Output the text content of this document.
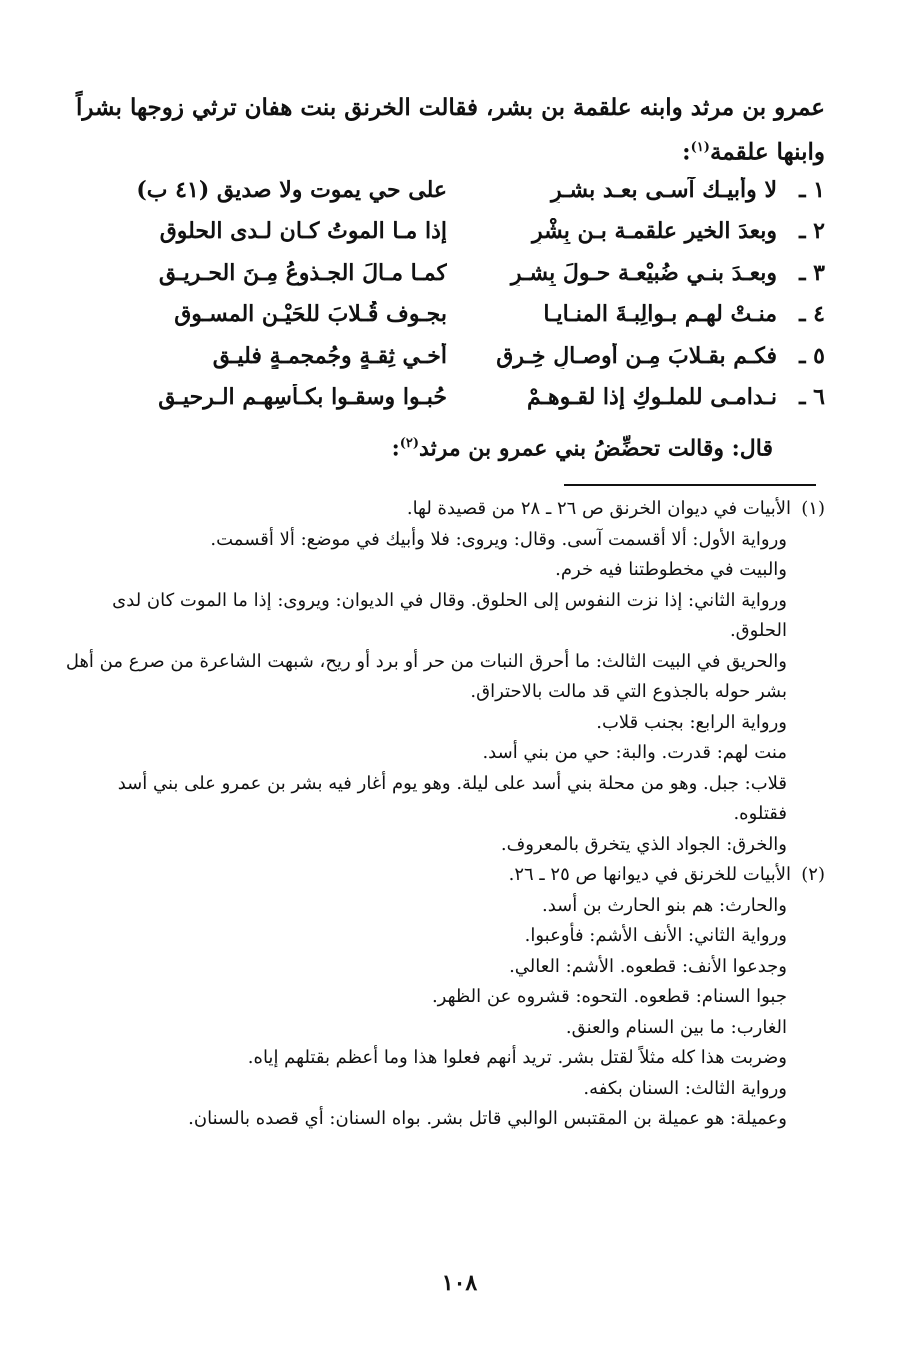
عمرو بن مرثد وابنه علقمة بن بشر، فقالت الخرنق بنت هفان ترثي زوجها بشراً وابنها علقمة$^{(١)}$:

١ ـ
لا وأبيـك آسـى بعـد بشـرٍ
على حي يموت ولا صديقِ (٤١ ب)
٢ ـ
وبعدَ الخير علقمـة بـن بِشْرٍ
إذا مـا الموتُ كـان لـدى الحلوقِ
٣ ـ
وبعـدَ بنـي ضُبيْعـة حـولَ بِشـرٍ
كمـا مـالَ الجـذوعُ مِـنَ الحـريـقِ
٤ ـ
منـتْ لهـم بـوالِبـةَ المنـايـا
بجـوف قُـلابَ للحَيْـن المسـوقِ
٥ ـ
فكـم بقـلابَ مِـن أوصـالِ خِـرقٍ
أخـي ثِقـةٍ وجُمجمـةٍ فليـقِ
٦ ـ
نـدامـى للملـوكِ إذا لقـوهـمْ
حُبـوا وسقـوا بكـأسِهـم الـرحيـقِ

قال: وقالت تحضِّضُ بني عمرو بن مرثد$^{(٢)}$:

(١)الأبيات في ديوان الخرنق ص ٢٦ ـ ٢٨ من قصيدة لها.

ورواية الأول: ألا أقسمت آسى. وقال: ويروى: فلا وأبيك في موضع: ألا أقسمت.

والبيت في مخطوطتنا فيه خرم.

ورواية الثاني: إذا نزت النفوس إلى الحلوق. وقال في الديوان: ويروى: إذا ما الموت كان لدى الحلوق.

والحريق في البيت الثالث: ما أحرق النبات من حر أو برد أو ريح، شبهت الشاعرة من صرع من أهل بشر حوله بالجذوع التي قد مالت بالاحتراق.

ورواية الرابع: بجنب قلاب.

منت لهم: قدرت. والبة: حي من بني أسد.

قلاب: جبل. وهو من محلة بني أسد على ليلة. وهو يوم أغار فيه بشر بن عمرو على بني أسد فقتلوه.

والخرق: الجواد الذي يتخرق بالمعروف.

(٢)الأبيات للخرنق في ديوانها ص ٢٥ ـ ٢٦.

والحارث: هم بنو الحارث بن أسد.

ورواية الثاني: الأنف الأشم: فأوعبوا.

وجدعوا الأنف: قطعوه. الأشم: العالي.

جبوا السنام: قطعوه. التحوه: قشروه عن الظهر.

الغارب: ما بين السنام والعنق.

وضربت هذا كله مثلاً لقتل بشر. تريد أنهم فعلوا هذا وما أعظم بقتلهم إياه.

ورواية الثالث: السنان بكفه.

وعميلة: هو عميلة بن المقتبس الوالبي قاتل بشر. بواه السنان: أي قصده بالسنان.

١٠٨
